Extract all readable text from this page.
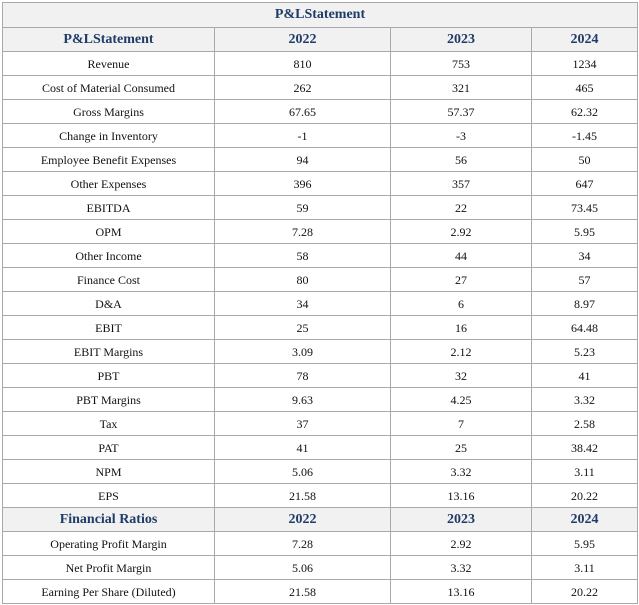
P&LStatement			
P&LStatement	2022	2023	2024
Revenue	810	753	1234
Cost of Material Consumed	262	321	465
Gross Margins	67.65	57.37	62.32
Change in Inventory	-1	-3	-1.45
Employee Benefit Expenses	94	56	50
Other Expenses	396	357	647
EBITDA	59	22	73.45
OPM	7.28	2.92	5.95
Other Income	58	44	34
Finance Cost	80	27	57
D&A	34	6	8.97
EBIT	25	16	64.48
EBIT Margins	3.09	2.12	5.23
PBT	78	32	41
PBT Margins	9.63	4.25	3.32
Tax	37	7	2.58
PAT	41	25	38.42
NPM	5.06	3.32	3.11
EPS	21.58	13.16	20.22
Financial Ratios	2022	2023	2024
Operating Profit Margin	7.28	2.92	5.95
Net Profit Margin	5.06	3.32	3.11
Earning Per Share (Diluted)	21.58	13.16	20.22
